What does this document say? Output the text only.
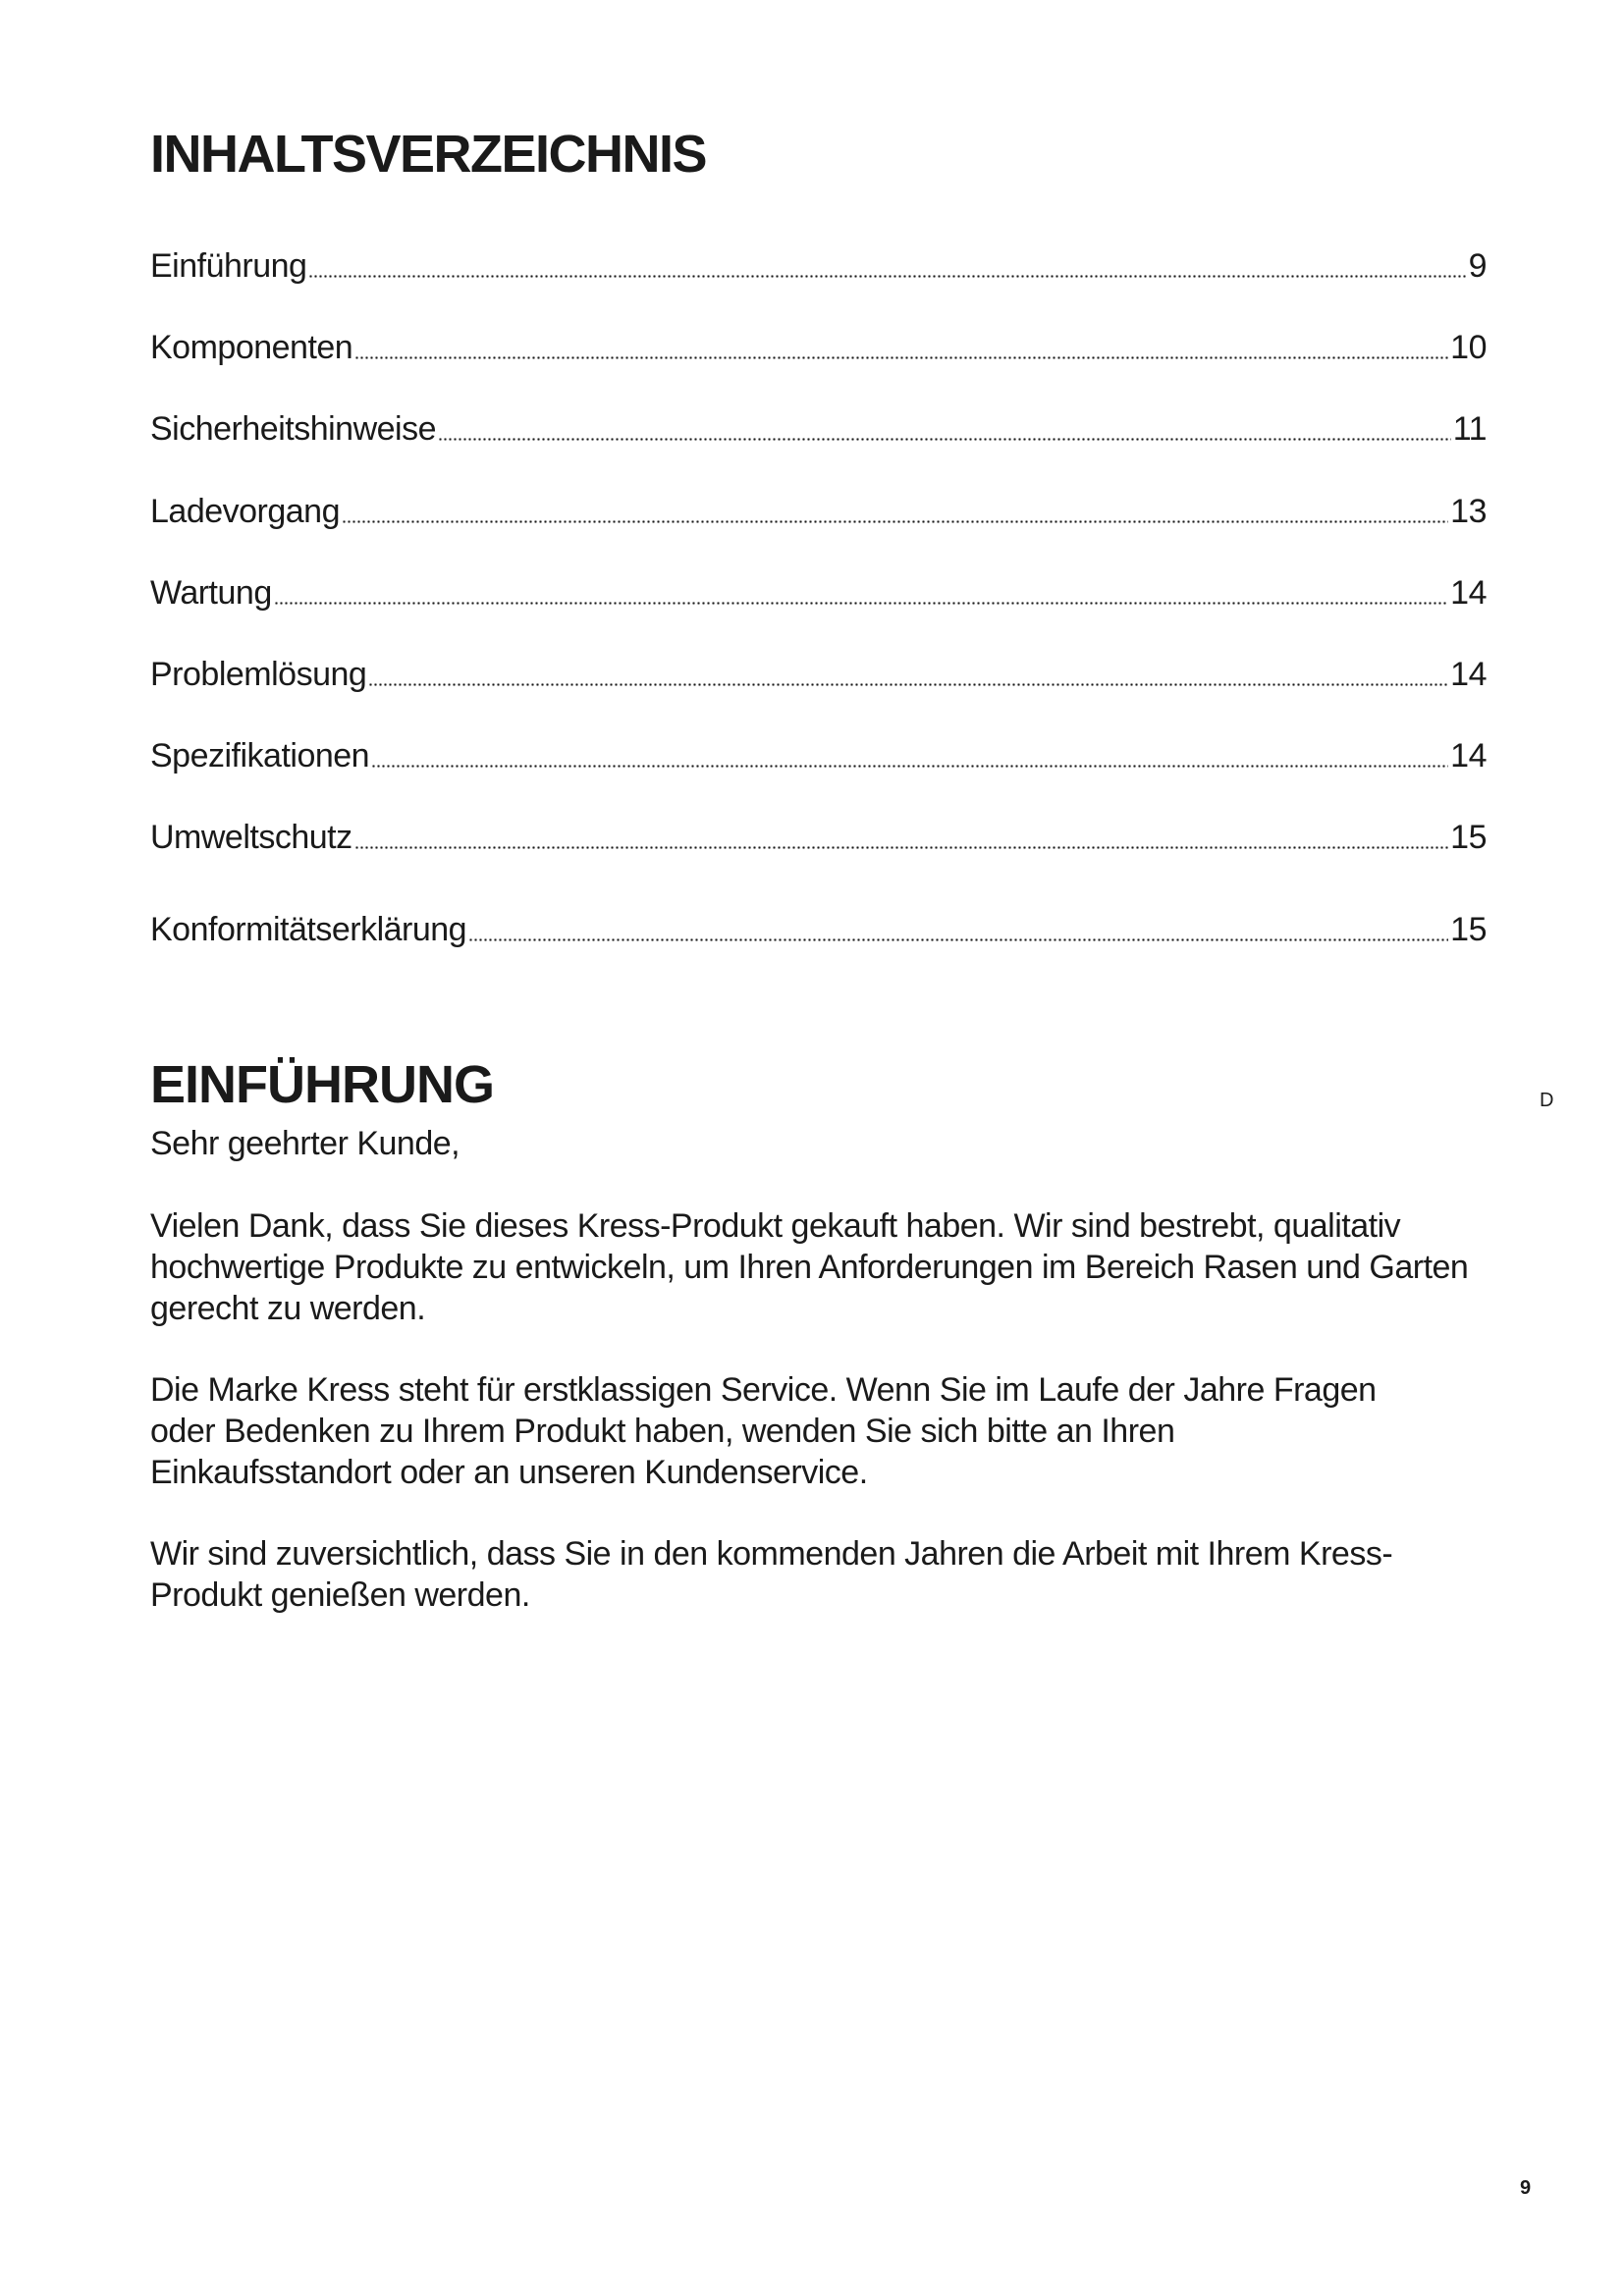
INHALTSVERZEICHNIS
Einführung	9
Komponenten	10
Sicherheitshinweise	11
Ladevorgang	13
Wartung	14
Problemlösung	14
Spezifikationen	14
Umweltschutz	15
Konformitätserklärung	15
EINFÜHRUNG	D

Sehr geehrter Kunde,

Vielen Dank, dass Sie dieses Kress-Produkt gekauft haben. Wir sind bestrebt, qualitativ hochwertige Produkte zu entwickeln, um Ihren Anforderungen im Bereich Rasen und Garten gerecht zu werden.

Die Marke Kress steht für erstklassigen Service. Wenn Sie im Laufe der Jahre Fragen oder Bedenken zu Ihrem Produkt haben, wenden Sie sich bitte an Ihren Einkaufsstandort oder an unseren Kundenservice.

Wir sind zuversichtlich, dass Sie in den kommenden Jahren die Arbeit mit Ihrem Kress-Produkt genießen werden.

9
